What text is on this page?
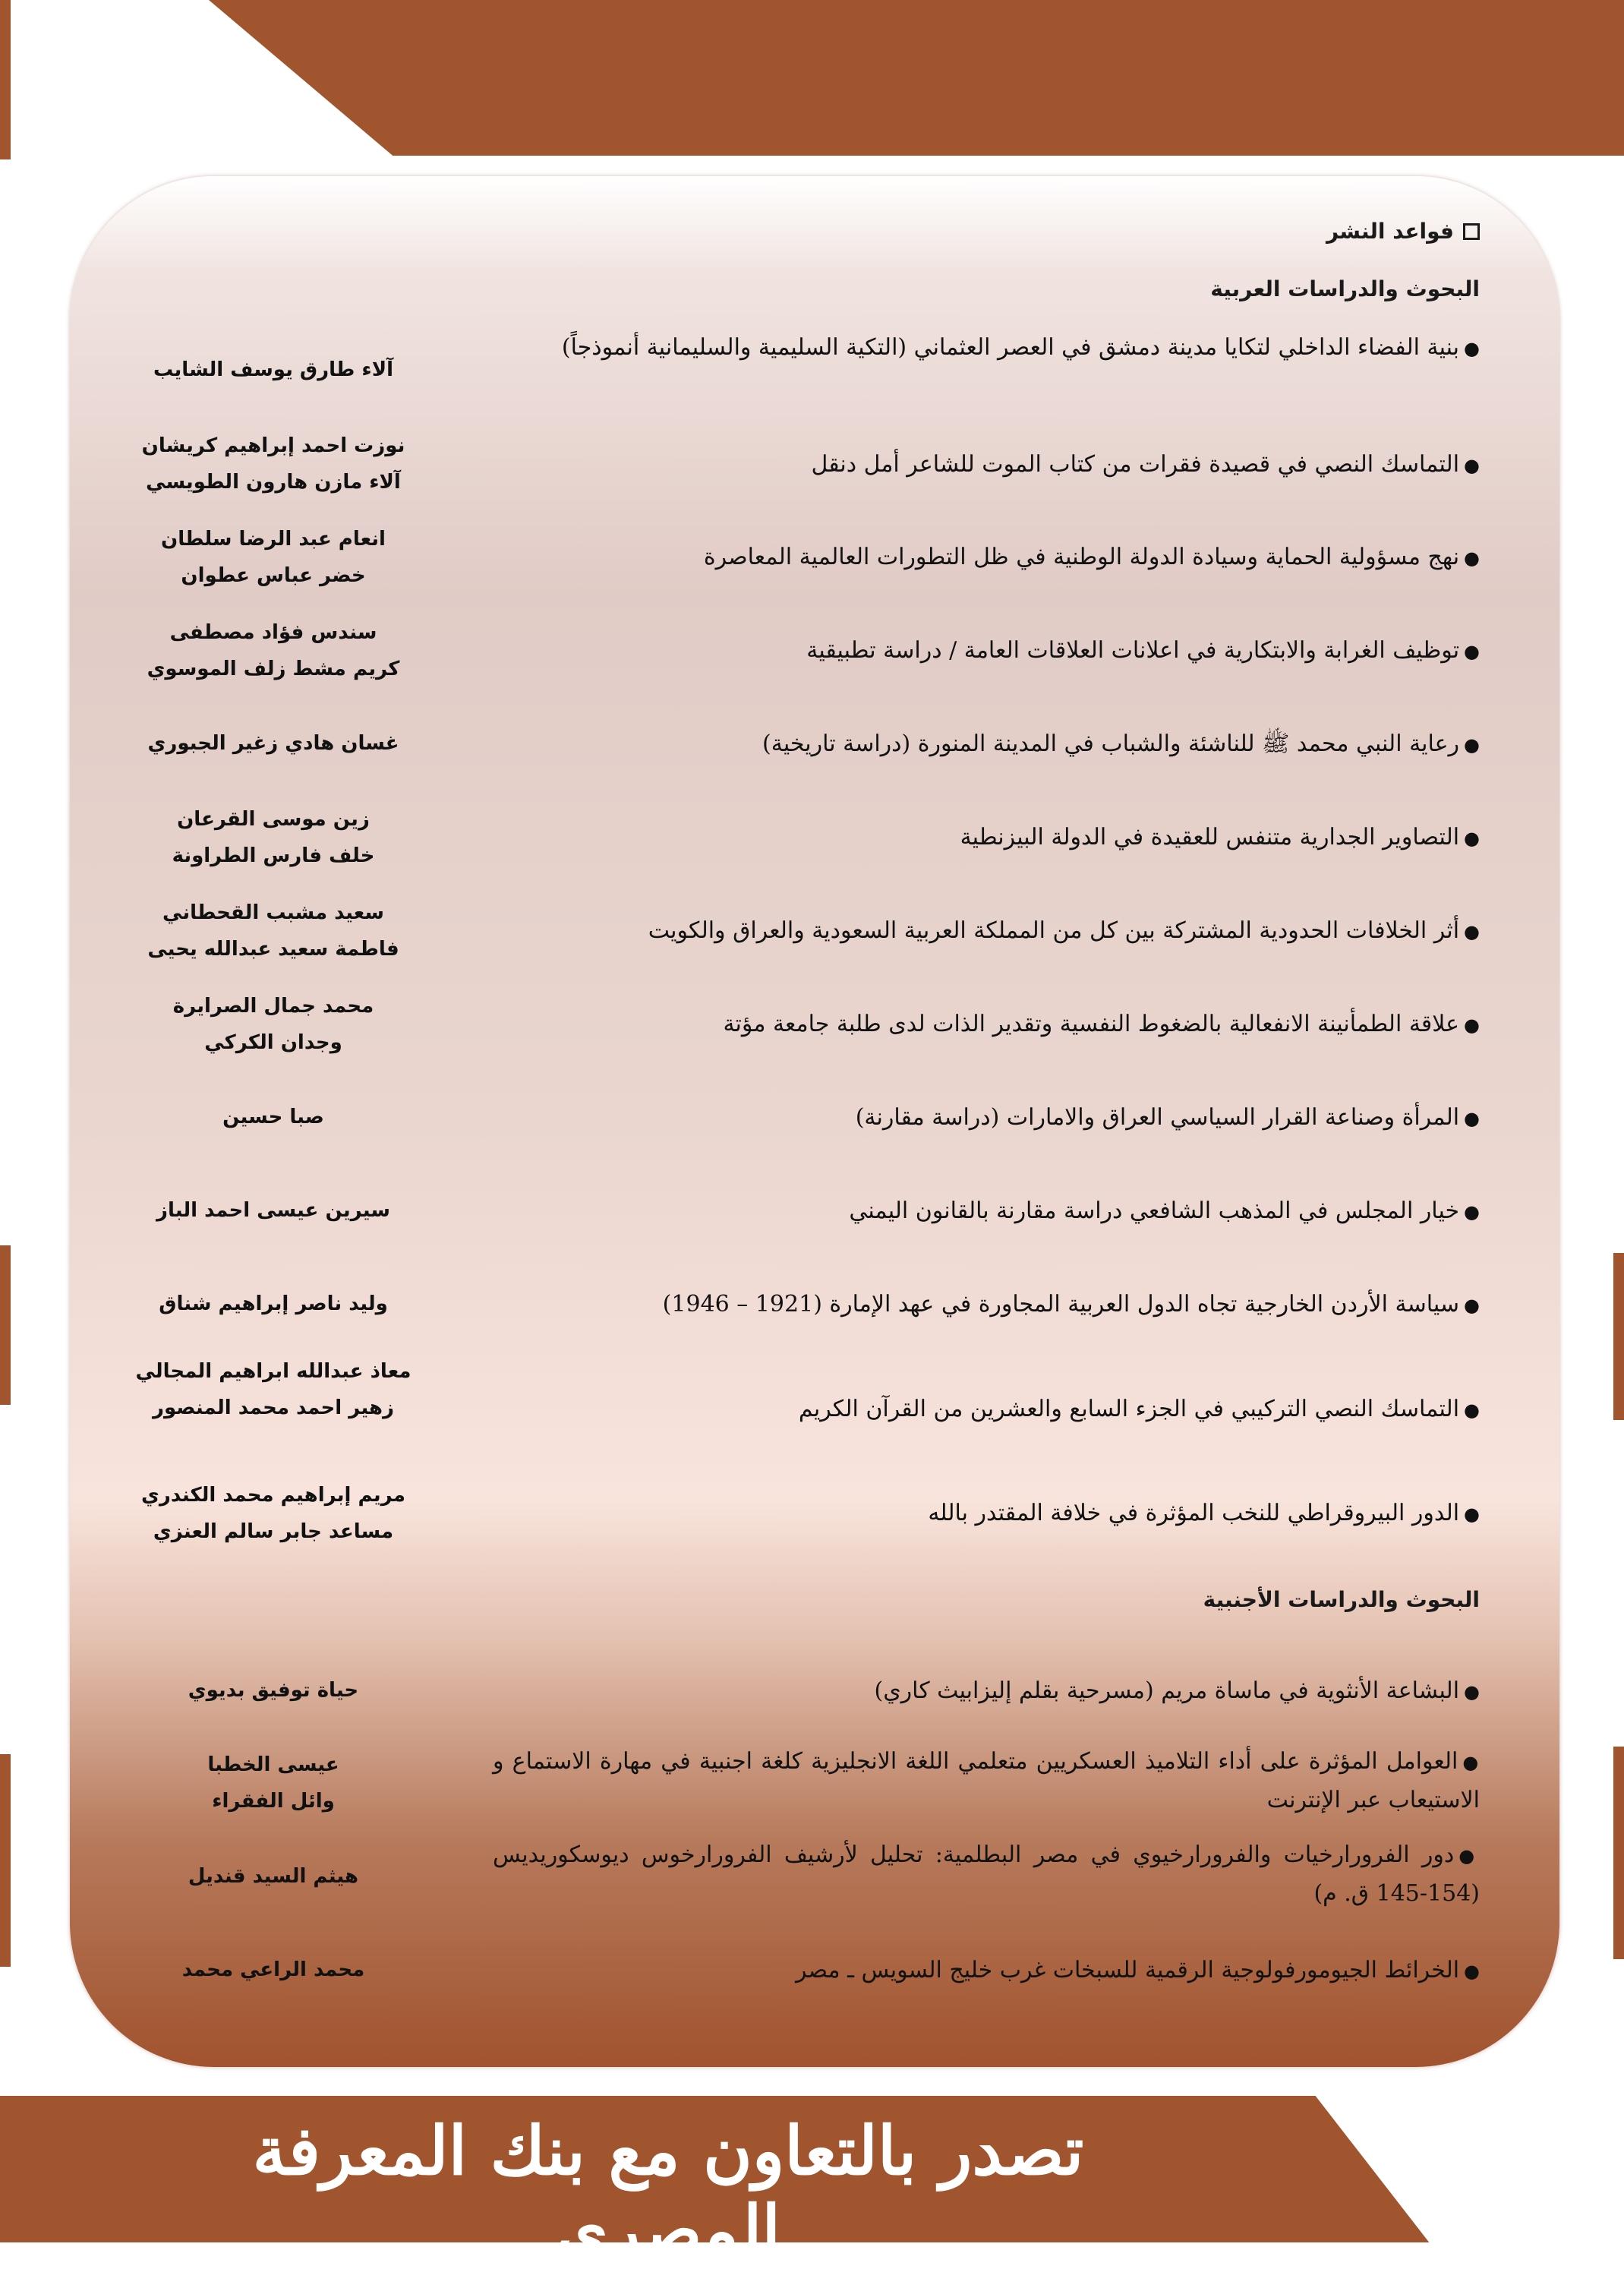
فواعد النشر
البحوث والدراسات العربية
●بنية الفضاء الداخلي لتكايا مدينة دمشق في العصر العثماني (التكية السليمية والسليمانية أنموذجاً)
آلاء طارق يوسف الشايب
●التماسك النصي في قصيدة فقرات من كتاب الموت للشاعر أمل دنقل
نوزت احمد إبراهيم كريشان
آلاء مازن هارون الطويسي
●نهج مسؤولية الحماية وسيادة الدولة الوطنية في ظل التطورات العالمية المعاصرة
انعام عبد الرضا سلطان
خضر عباس عطوان
●توظيف الغرابة والابتكارية في اعلانات العلاقات العامة / دراسة تطبيقية
سندس فؤاد مصطفى
كريم مشط زلف الموسوي
●رعاية النبي محمد ﷺ للناشئة والشباب في المدينة المنورة (دراسة تاريخية)
غسان هادي زغير الجبوري
●التصاوير الجدارية متنفس للعقيدة في الدولة البيزنطية
زين موسى القرعان
خلف فارس الطراونة
●أثر الخلافات الحدودية المشتركة بين كل من المملكة العربية السعودية والعراق والكويت
سعيد مشبب القحطاني
فاطمة سعيد عبدالله يحيى
●علاقة الطمأنينة الانفعالية بالضغوط النفسية وتقدير الذات لدى طلبة جامعة مؤتة
محمد جمال الصرايرة
وجدان الكركي
●المرأة وصناعة القرار السياسي العراق والامارات (دراسة مقارنة)
صبا حسين
●خيار المجلس في المذهب الشافعي دراسة مقارنة بالقانون اليمني
سيرين عيسى احمد الباز
●سياسة الأردن الخارجية تجاه الدول العربية المجاورة في عهد الإمارة (1921 – 1946)
وليد ناصر إبراهيم شناق
●التماسك النصي التركيبي في الجزء السابع والعشرين من القرآن الكريم
معاذ عبدالله ابراهيم المجالي
زهير احمد محمد المنصور
●الدور البيروقراطي للنخب المؤثرة في خلافة المقتدر بالله
مريم إبراهيم محمد الكندري
مساعد جابر سالم العنزي
البحوث والدراسات الأجنبية
●البشاعة الأنثوية في ماساة مريم (مسرحية بقلم إليزابيث كاري)
حياة توفيق بديوي
●العوامل المؤثرة على أداء التلاميذ العسكريين متعلمي اللغة الانجليزية كلغة اجنبية في مهارة الاستماع و الاستيعاب عبر الإنترنت
عيسى الخطبا
وائل الفقراء
●دور الفرورارخيات والفرورارخيوي في مصر البطلمية: تحليل لأرشيف الفرورارخوس ديوسكوريديس (154-145 ق. م)
هيثم السيد قنديل
●الخرائط الجيومورفولوجية الرقمية للسبخات غرب خليج السويس ـ مصر
محمد الراعي محمد
تصدر بالتعاون مع بنك المعرفة المصري
